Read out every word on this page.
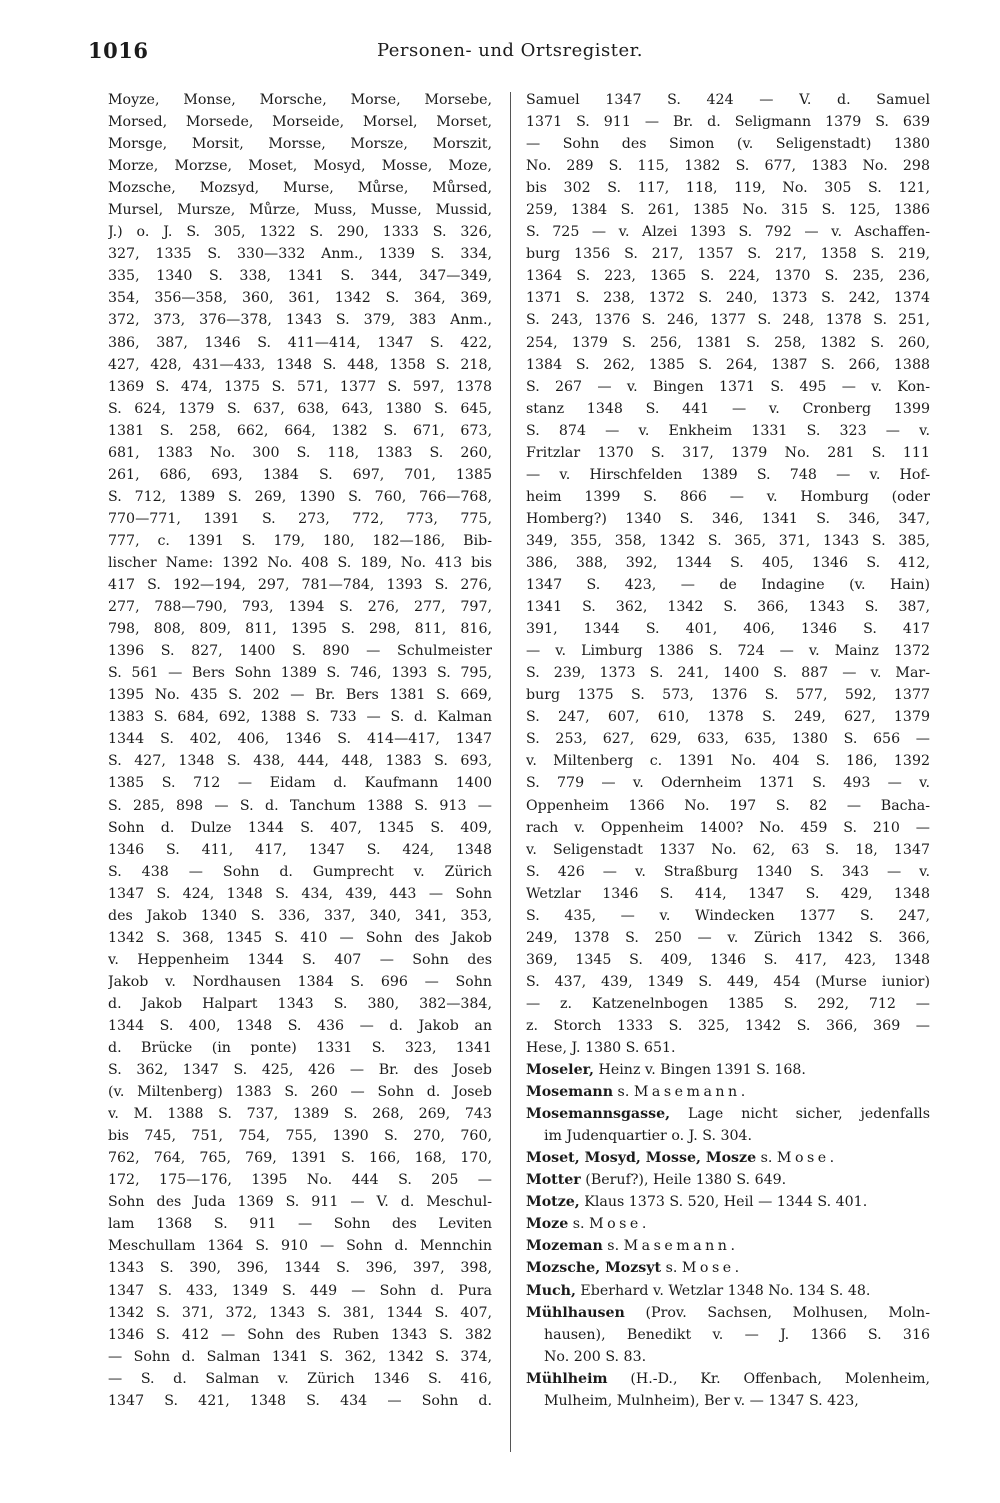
1016	Personen- und Ortsregister.
Moyze, Monse, Morsche, Morse, Morsebe,
Morsed, Morsede, Morseide, Morsel, Morset,
Morsge, Morsit, Morsse, Morsze, Morszit,
Morze, Morzse, Moset, Mosyd, Mosse, Moze,
Mozsche, Mozsyd, Murse, Můrse, Můrsed,
Mursel, Mursze, Můrze, Muss, Musse, Mussid,
J.) o. J. S. 305, 1322 S. 290, 1333 S. 326,
327, 1335 S. 330—332 Anm., 1339 S. 334,
335, 1340 S. 338, 1341 S. 344, 347—349,
354, 356—358, 360, 361, 1342 S. 364, 369,
372, 373, 376—378, 1343 S. 379, 383 Anm.,
386, 387, 1346 S. 411—414, 1347 S. 422,
427, 428, 431—433, 1348 S. 448, 1358 S. 218,
1369 S. 474, 1375 S. 571, 1377 S. 597, 1378
S. 624, 1379 S. 637, 638, 643, 1380 S. 645,
1381 S. 258, 662, 664, 1382 S. 671, 673,
681, 1383 No. 300 S. 118, 1383 S. 260,
261, 686, 693, 1384 S. 697, 701, 1385
S. 712, 1389 S. 269, 1390 S. 760, 766—768,
770—771, 1391 S. 273, 772, 773, 775,
777, c. 1391 S. 179, 180, 182—186, Bib-
lischer Name: 1392 No. 408 S. 189, No. 413 bis
417 S. 192—194, 297, 781—784, 1393 S. 276,
277, 788—790, 793, 1394 S. 276, 277, 797,
798, 808, 809, 811, 1395 S. 298, 811, 816,
1396 S. 827, 1400 S. 890 — Schulmeister
S. 561 — Bers Sohn 1389 S. 746, 1393 S. 795,
1395 No. 435 S. 202 — Br. Bers 1381 S. 669,
1383 S. 684, 692, 1388 S. 733 — S. d. Kalman
1344 S. 402, 406, 1346 S. 414—417, 1347
S. 427, 1348 S. 438, 444, 448, 1383 S. 693,
1385 S. 712 — Eidam d. Kaufmann 1400
S. 285, 898 — S. d. Tanchum 1388 S. 913 —
Sohn d. Dulze 1344 S. 407, 1345 S. 409,
1346 S. 411, 417, 1347 S. 424, 1348
S. 438 — Sohn d. Gumprecht v. Zürich
1347 S. 424, 1348 S. 434, 439, 443 — Sohn
des Jakob 1340 S. 336, 337, 340, 341, 353,
1342 S. 368, 1345 S. 410 — Sohn des Jakob
v. Heppenheim 1344 S. 407 — Sohn des
Jakob v. Nordhausen 1384 S. 696 — Sohn
d. Jakob Halpart 1343 S. 380, 382—384,
1344 S. 400, 1348 S. 436 — d. Jakob an
d. Brücke (in ponte) 1331 S. 323, 1341
S. 362, 1347 S. 425, 426 — Br. des Joseb
(v. Miltenberg) 1383 S. 260 — Sohn d. Joseb
v. M. 1388 S. 737, 1389 S. 268, 269, 743
bis 745, 751, 754, 755, 1390 S. 270, 760,
762, 764, 765, 769, 1391 S. 166, 168, 170,
172, 175—176, 1395 No. 444 S. 205 —
Sohn des Juda 1369 S. 911 — V. d. Meschul-
lam 1368 S. 911 — Sohn des Leviten
Meschullam 1364 S. 910 — Sohn d. Mennchin
1343 S. 390, 396, 1344 S. 396, 397, 398,
1347 S. 433, 1349 S. 449 — Sohn d. Pura
1342 S. 371, 372, 1343 S. 381, 1344 S. 407,
1346 S. 412 — Sohn des Ruben 1343 S. 382
— Sohn d. Salman 1341 S. 362, 1342 S. 374,
— S. d. Salman v. Zürich 1346 S. 416,
1347 S. 421, 1348 S. 434 — Sohn d.
Samuel 1347 S. 424 — V. d. Samuel
1371 S. 911 — Br. d. Seligmann 1379 S. 639
— Sohn des Simon (v. Seligenstadt) 1380
No. 289 S. 115, 1382 S. 677, 1383 No. 298
bis 302 S. 117, 118, 119, No. 305 S. 121,
259, 1384 S. 261, 1385 No. 315 S. 125, 1386
S. 725 — v. Alzei 1393 S. 792 — v. Aschaffen-
burg 1356 S. 217, 1357 S. 217, 1358 S. 219,
1364 S. 223, 1365 S. 224, 1370 S. 235, 236,
1371 S. 238, 1372 S. 240, 1373 S. 242, 1374
S. 243, 1376 S. 246, 1377 S. 248, 1378 S. 251,
254, 1379 S. 256, 1381 S. 258, 1382 S. 260,
1384 S. 262, 1385 S. 264, 1387 S. 266, 1388
S. 267 — v. Bingen 1371 S. 495 — v. Kon-
stanz 1348 S. 441 — v. Cronberg 1399
S. 874 — v. Enkheim 1331 S. 323 — v.
Fritzlar 1370 S. 317, 1379 No. 281 S. 111
— v. Hirschfelden 1389 S. 748 — v. Hof-
heim 1399 S. 866 — v. Homburg (oder
Homberg?) 1340 S. 346, 1341 S. 346, 347,
349, 355, 358, 1342 S. 365, 371, 1343 S. 385,
386, 388, 392, 1344 S. 405, 1346 S. 412,
1347 S. 423, — de Indagine (v. Hain)
1341 S. 362, 1342 S. 366, 1343 S. 387,
391, 1344 S. 401, 406, 1346 S. 417
— v. Limburg 1386 S. 724 — v. Mainz 1372
S. 239, 1373 S. 241, 1400 S. 887 — v. Mar-
burg 1375 S. 573, 1376 S. 577, 592, 1377
S. 247, 607, 610, 1378 S. 249, 627, 1379
S. 253, 627, 629, 633, 635, 1380 S. 656 —
v. Miltenberg c. 1391 No. 404 S. 186, 1392
S. 779 — v. Odernheim 1371 S. 493 — v.
Oppenheim 1366 No. 197 S. 82 — Bacha-
rach v. Oppenheim 1400? No. 459 S. 210 —
v. Seligenstadt 1337 No. 62, 63 S. 18, 1347
S. 426 — v. Straßburg 1340 S. 343 — v.
Wetzlar 1346 S. 414, 1347 S. 429, 1348
S. 435, — v. Windecken 1377 S. 247,
249, 1378 S. 250 — v. Zürich 1342 S. 366,
369, 1345 S. 409, 1346 S. 417, 423, 1348
S. 437, 439, 1349 S. 449, 454 (Murse iunior)
— z. Katzenelnbogen 1385 S. 292, 712 —
z. Storch 1333 S. 325, 1342 S. 366, 369 —
Hese, J. 1380 S. 651.
Moseler, Heinz v. Bingen 1391 S. 168.
Mosemann s. Masemann.
Mosemannsgasse, Lage nicht sicher, jedenfalls
im Judenquartier o. J. S. 304.
Moset, Mosyd, Mosse, Mosze s. Mose.
Motter (Beruf?), Heile 1380 S. 649.
Motze, Klaus 1373 S. 520, Heil — 1344 S. 401.
Moze s. Mose.
Mozeman s. Masemann.
Mozsche, Mozsyt s. Mose.
Much, Eberhard v. Wetzlar 1348 No. 134 S. 48.
Mühlhausen (Prov. Sachsen, Molhusen, Moln-
hausen), Benedikt v. — J. 1366 S. 316
No. 200 S. 83.
Mühlheim (H.-D., Kr. Offenbach, Molenheim,
Mulheim, Mulnheim), Ber v. — 1347 S. 423,
